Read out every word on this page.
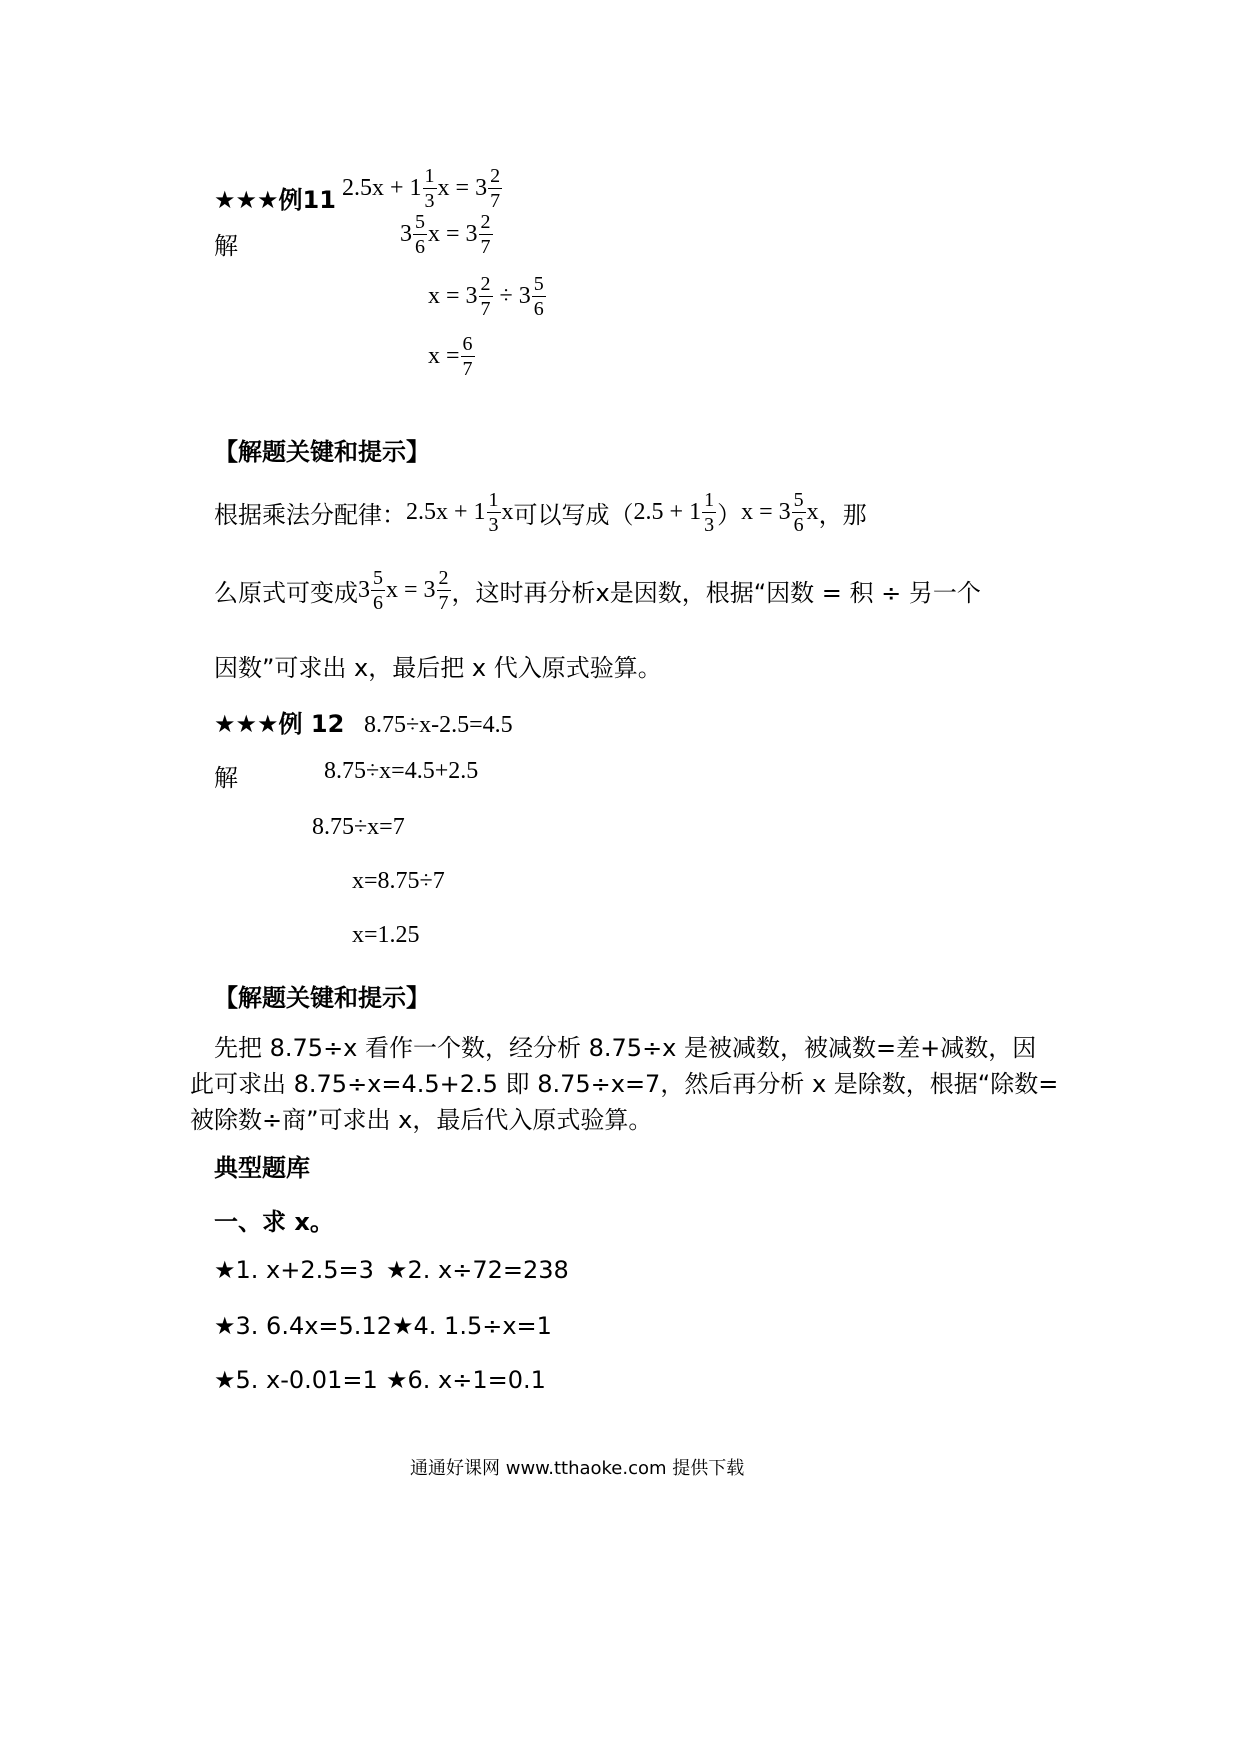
★★★例11 $2.5x + 1 \frac{1}{3}$ $x = 3 \frac{2}{7}$
解	$3 \frac{5}{6}$ $x = 3 \frac{2}{7}$
$x = 3 \frac{2}{7} \div 3 \frac{5}{6}$
$x = \frac{6}{7}$
【解题关键和提示】
根据乘法分配律：$2.5x + 1 \frac{1}{3}$ x可以写成$(2.5 + 1 \frac{1}{3} )x = 3 \frac{5}{6}$ x，那
么原式可变成$3 \frac{5}{6}$ $x = 3 \frac{2}{7}$ ，这时再分析x是因数，根据“因数 = 积 ÷ 另一个
因数”可求出 x，最后把 x 代入原式验算。
★★★例 12 8.75÷x-2.5=4.5
解	8.75÷x=4.5+2.5
8.75÷x=7
x=8.75÷7
x=1.25
【解题关键和提示】
先把 8.75÷x 看作一个数，经分析 8.75÷x 是被减数，被减数=差+减数，因
此可求出 8.75÷x=4.5+2.5 即 8.75÷x=7，然后再分析 x 是除数，根据“除数=
被除数÷商”可求出 x，最后代入原式验算。
典型题库
一、求 x。
★1. x+2.5=3 ★2. x÷72=238
★3. 6.4x=5.12 ★4. 1.5÷x=1
★5. x-0.01=1 ★6. x÷1=0.1
通通好课网 www.tthaoke.com 提供下载
